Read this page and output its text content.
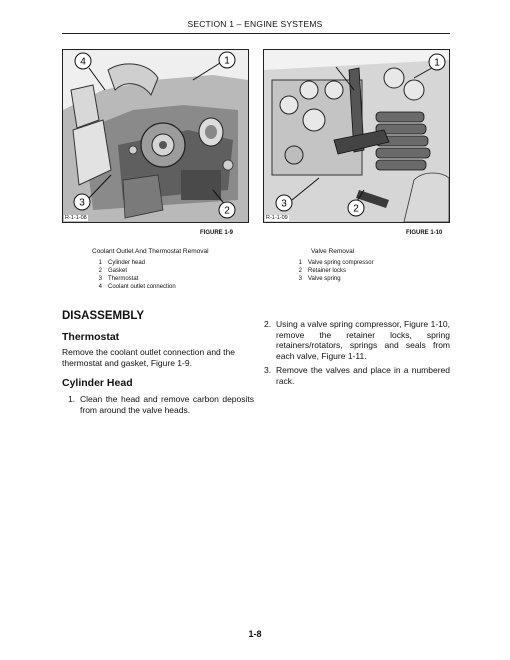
SECTION 1 – ENGINE SYSTEMS
4	1
3
2
R-1-1-08
FIGURE 1-9
Coolant Outlet And Thermostat Removal
1 Cylinder head
2 Gasket
3 Thermostat
4 Coolant outlet connection
3	2
1
R-1-1-09
FIGURE 1-10
Valve Removal
1 Valve spring compressor
2 Retainer locks
3 Valve spring
DISASSEMBLY
Thermostat
Remove the coolant outlet connection and the thermostat and gasket, Figure 1-9.
Cylinder Head
1. Clean the head and remove carbon deposits from around the valve heads.
2. Using a valve spring compressor, Figure 1-10, remove the retainer locks, spring retainers/rotators, springs and seals from each valve, Figure 1-11.
3. Remove the valves and place in a numbered rack.
1-8
